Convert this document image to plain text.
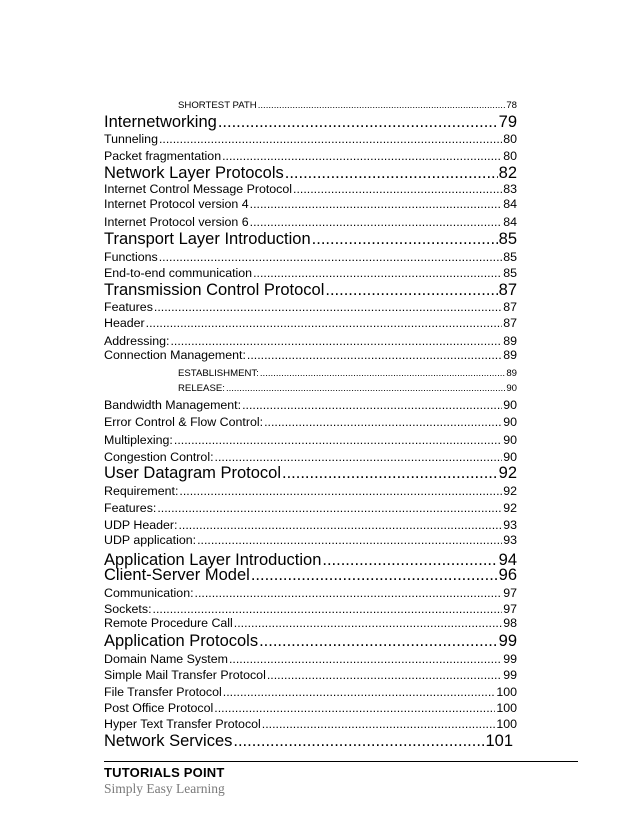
SHORTEST PATH .....	78
Internetworking .....	79
Tunneling .....	80
Packet fragmentation .....	80
Network Layer Protocols .....	82
Internet Control Message Protocol .....	83
Internet Protocol version 4 .....	84
Internet Protocol version 6 .....	84
Transport Layer Introduction .....	85
Functions .....	85
End-to-end communication .....	85
Transmission Control Protocol .....	87
Features .....	87
Header .....	87
Addressing: .....	89
Connection Management: .....	89
ESTABLISHMENT: .....	89
RELEASE: .....	90
Bandwidth Management: .....	90
Error Control & Flow Control: .....	90
Multiplexing: .....	90
Congestion Control: .....	90
User Datagram Protocol .....	92
Requirement: .....	92
Features: .....	92
UDP Header: .....	93
UDP application: .....	93
Application Layer Introduction .....	94
Client-Server Model .....	96
Communication: .....	97
Sockets: .....	97
Remote Procedure Call .....	98
Application Protocols .....	99
Domain Name System .....	99
Simple Mail Transfer Protocol .....	99
File Transfer Protocol .....	100
Post Office Protocol .....	100
Hyper Text Transfer Protocol .....	100
Network Services .....	101
TUTORIALS POINT
Simply Easy Learning
